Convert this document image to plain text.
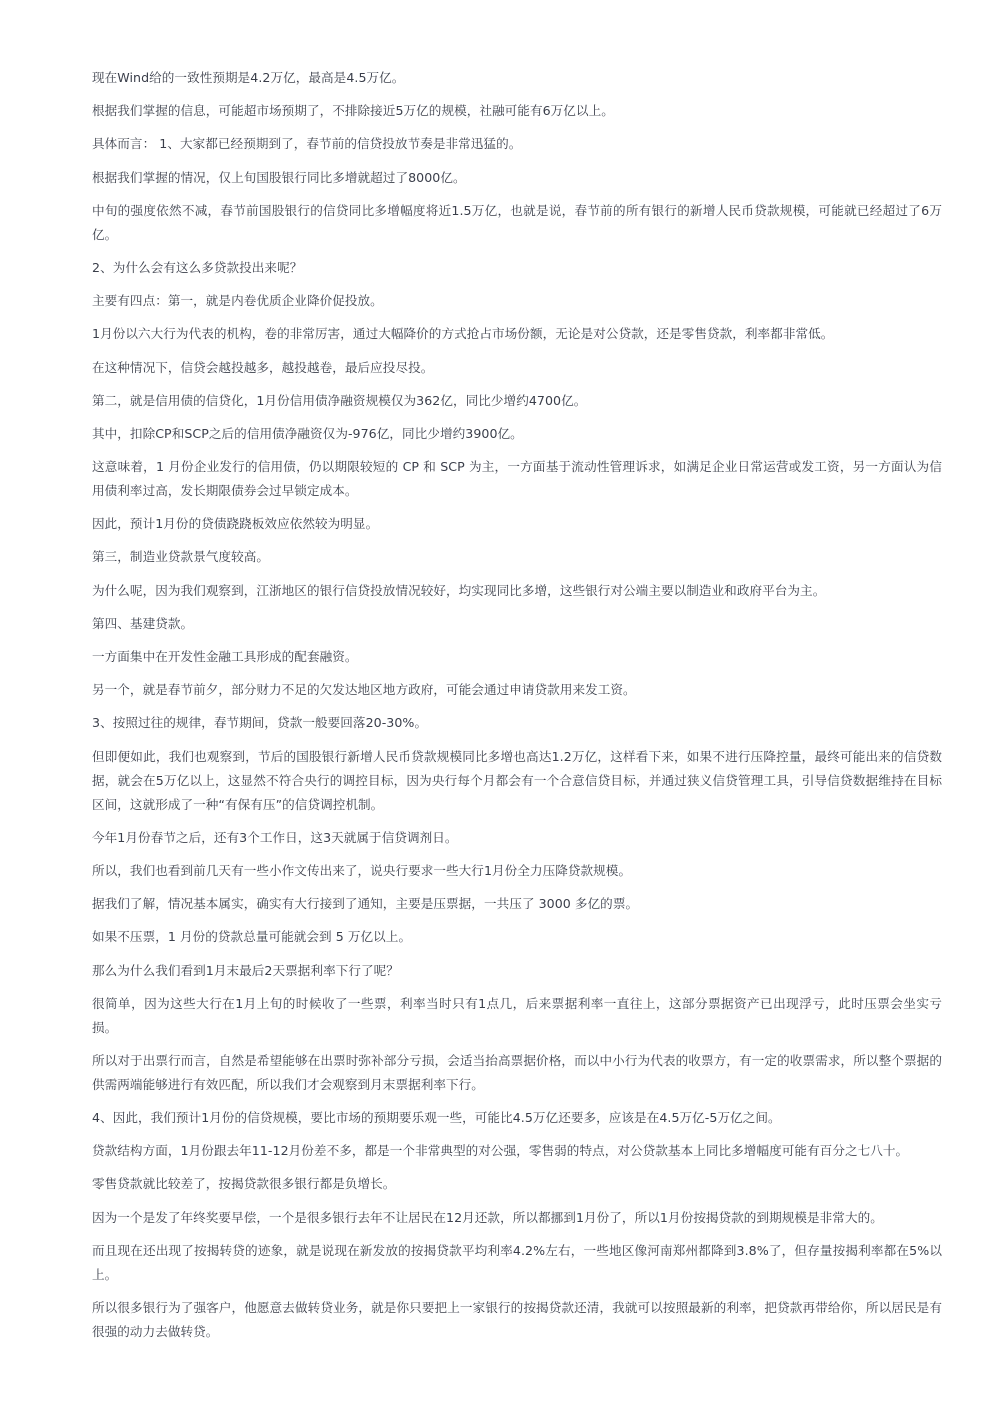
现在Wind给的一致性预期是4.2万亿，最高是4.5万亿。

根据我们掌握的信息，可能超市场预期了，不排除接近5万亿的规模，社融可能有6万亿以上。

具体而言： 1、大家都已经预期到了，春节前的信贷投放节奏是非常迅猛的。

根据我们掌握的情况，仅上旬国股银行同比多增就超过了8000亿。

中旬的强度依然不减，春节前国股银行的信贷同比多增幅度将近1.5万亿，也就是说，春节前的所有银行的新增人民币贷款规模，可能就已经超过了6万亿。

2、为什么会有这么多贷款投出来呢？

主要有四点：第一，就是内卷优质企业降价促投放。

1月份以六大行为代表的机构，卷的非常厉害，通过大幅降价的方式抢占市场份额，无论是对公贷款，还是零售贷款，利率都非常低。

在这种情况下，信贷会越投越多，越投越卷，最后应投尽投。

第二，就是信用债的信贷化，1月份信用债净融资规模仅为362亿，同比少增约4700亿。

其中，扣除CP和SCP之后的信用债净融资仅为-976亿，同比少增约3900亿。

这意味着，1 月份企业发行的信用债，仍以期限较短的 CP 和 SCP 为主，一方面基于流动性管理诉求，如满足企业日常运营或发工资，另一方面认为信用债利率过高，发长期限债券会过早锁定成本。

因此，预计1月份的贷债跷跷板效应依然较为明显。

第三，制造业贷款景气度较高。

为什么呢，因为我们观察到，江浙地区的银行信贷投放情况较好，均实现同比多增，这些银行对公端主要以制造业和政府平台为主。

第四、基建贷款。

一方面集中在开发性金融工具形成的配套融资。

另一个，就是春节前夕，部分财力不足的欠发达地区地方政府，可能会通过申请贷款用来发工资。

3、按照过往的规律，春节期间，贷款一般要回落20-30%。

但即便如此，我们也观察到，节后的国股银行新增人民币贷款规模同比多增也高达1.2万亿，这样看下来，如果不进行压降控量，最终可能出来的信贷数据，就会在5万亿以上，这显然不符合央行的调控目标，因为央行每个月都会有一个合意信贷目标，并通过狭义信贷管理工具，引导信贷数据维持在目标区间，这就形成了一种“有保有压”的信贷调控机制。

今年1月份春节之后，还有3个工作日，这3天就属于信贷调剂日。

所以，我们也看到前几天有一些小作文传出来了，说央行要求一些大行1月份全力压降贷款规模。

据我们了解，情况基本属实，确实有大行接到了通知，主要是压票据，一共压了 3000 多亿的票。

如果不压票，1 月份的贷款总量可能就会到 5 万亿以上。

那么为什么我们看到1月末最后2天票据利率下行了呢？

很简单，因为这些大行在1月上旬的时候收了一些票，利率当时只有1点几，后来票据利率一直往上，这部分票据资产已出现浮亏，此时压票会坐实亏损。

所以对于出票行而言，自然是希望能够在出票时弥补部分亏损，会适当抬高票据价格，而以中小行为代表的收票方，有一定的收票需求，所以整个票据的供需两端能够进行有效匹配，所以我们才会观察到月末票据利率下行。

4、因此，我们预计1月份的信贷规模，要比市场的预期要乐观一些，可能比4.5万亿还要多，应该是在4.5万亿-5万亿之间。

贷款结构方面，1月份跟去年11-12月份差不多，都是一个非常典型的对公强，零售弱的特点，对公贷款基本上同比多增幅度可能有百分之七八十。

零售贷款就比较差了，按揭贷款很多银行都是负增长。

因为一个是发了年终奖要早偿，一个是很多银行去年不让居民在12月还款，所以都挪到1月份了，所以1月份按揭贷款的到期规模是非常大的。

而且现在还出现了按揭转贷的迹象，就是说现在新发放的按揭贷款平均利率4.2%左右，一些地区像河南郑州都降到3.8%了，但存量按揭利率都在5%以上。

所以很多银行为了强客户，他愿意去做转贷业务，就是你只要把上一家银行的按揭贷款还清，我就可以按照最新的利率，把贷款再带给你，所以居民是有很强的动力去做转贷。
